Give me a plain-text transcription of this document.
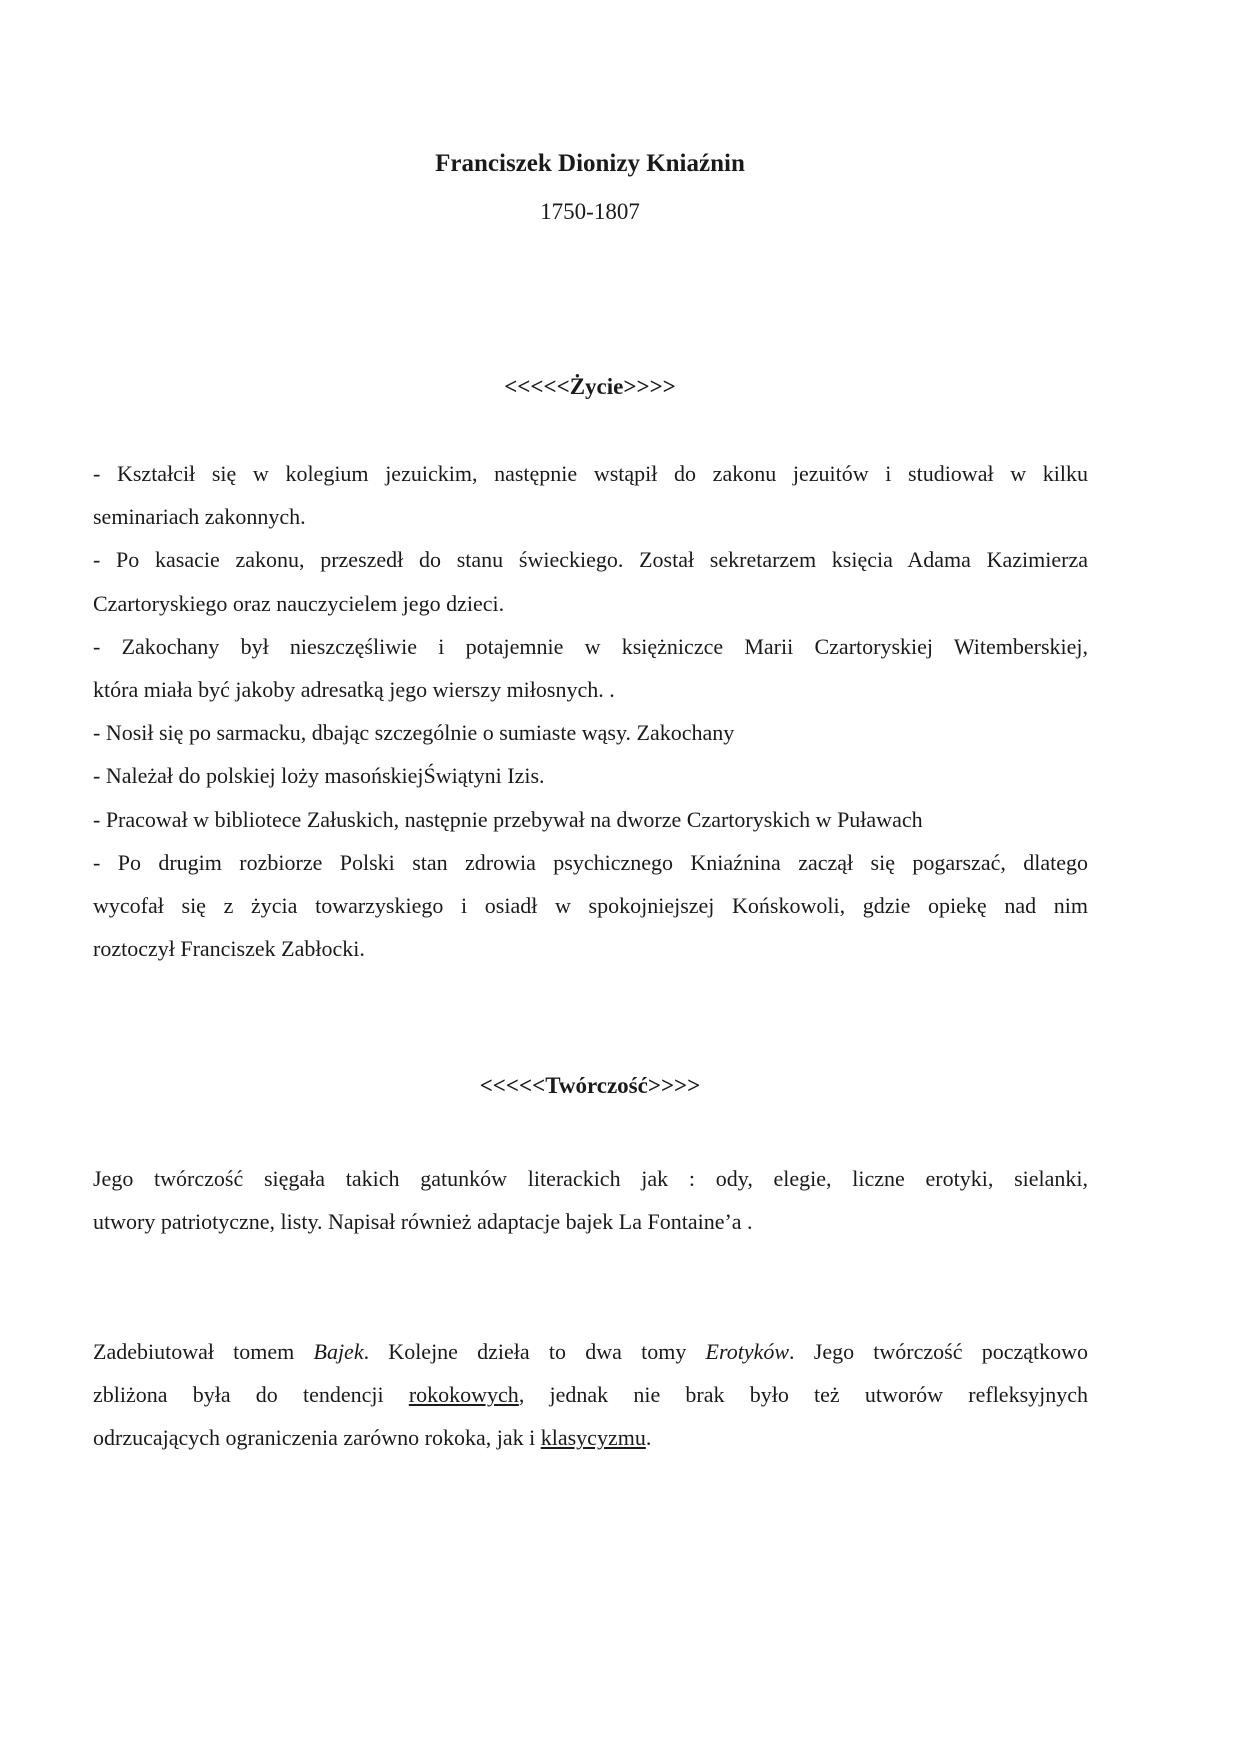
Franciszek Dionizy Kniaźnin
1750-1807
<<<<<Życie>>>>
- Kształcił się w kolegium jezuickim, następnie wstąpił do zakonu jezuitów i studiował w kilku
seminariach zakonnych.
- Po kasacie zakonu, przeszedł do stanu świeckiego. Został sekretarzem księcia Adama Kazimierza
Czartoryskiego oraz nauczycielem jego dzieci.
- Zakochany był nieszczęśliwie i potajemnie w księżniczce Marii Czartoryskiej Witemberskiej,
która miała być jakoby adresatką jego wierszy miłosnych. .
- Nosił się po sarmacku, dbając szczególnie o sumiaste wąsy. Zakochany
- Należał do polskiej loży masońskiejŚwiątyni Izis.
- Pracował w bibliotece Załuskich, następnie przebywał na dworze Czartoryskich w Puławach
- Po drugim rozbiorze Polski stan zdrowia psychicznego Kniaźnina zaczął się pogarszać, dlatego
wycofał się z życia towarzyskiego i osiadł w spokojniejszej Końskowoli, gdzie opiekę nad nim
roztoczył Franciszek Zabłocki.
<<<<<Twórczość>>>>
Jego twórczość sięgała takich gatunków literackich jak : ody, elegie, liczne erotyki, sielanki,
utwory patriotyczne, listy. Napisał również adaptacje bajek La Fontaine’a .
Zadebiutował tomem Bajek. Kolejne dzieła to dwa tomy Erotyków. Jego twórczość początkowo
zbliżona była do tendencji rokokowych, jednak nie brak było też utworów refleksyjnych
odrzucających ograniczenia zarówno rokoka, jak i klasycyzmu.
